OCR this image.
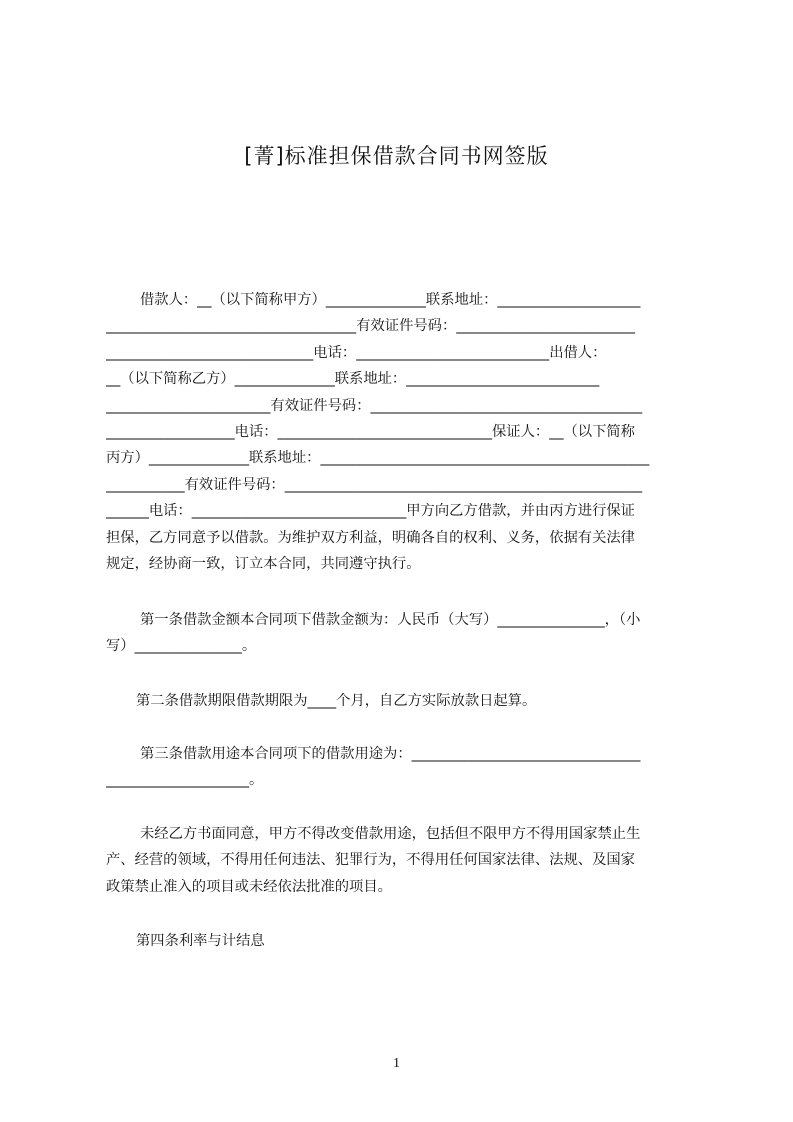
[菁]标准担保借款合同书网签版
借款人：__（以下简称甲方）______________联系地址：____________________
___________________________________有效证件号码：_________________________
_____________________________电话：___________________________出借人：
__（以下简称乙方）______________联系地址：___________________________
_______________________有效证件号码：______________________________________
__________________电话：______________________________保证人：__（以下简称
丙方）______________联系地址：______________________________________________
___________有效证件号码：__________________________________________________
______电话：______________________________甲方向乙方借款，并由丙方进行保证
担保，乙方同意予以借款。为维护双方利益，明确各自的权利、义务，依据有关法律
规定，经协商一致，订立本合同，共同遵守执行。
第一条借款金额本合同项下借款金额为：人民币（大写）_______________，（小
写）_______________。
第二条借款期限借款期限为____个月，自乙方实际放款日起算。
第三条借款用途本合同项下的借款用途为：________________________________
____________________。
未经乙方书面同意，甲方不得改变借款用途，包括但不限甲方不得用国家禁止生
产、经营的领域，不得用任何违法、犯罪行为，不得用任何国家法律、法规、及国家
政策禁止准入的项目或未经依法批准的项目。
第四条利率与计结息
1
